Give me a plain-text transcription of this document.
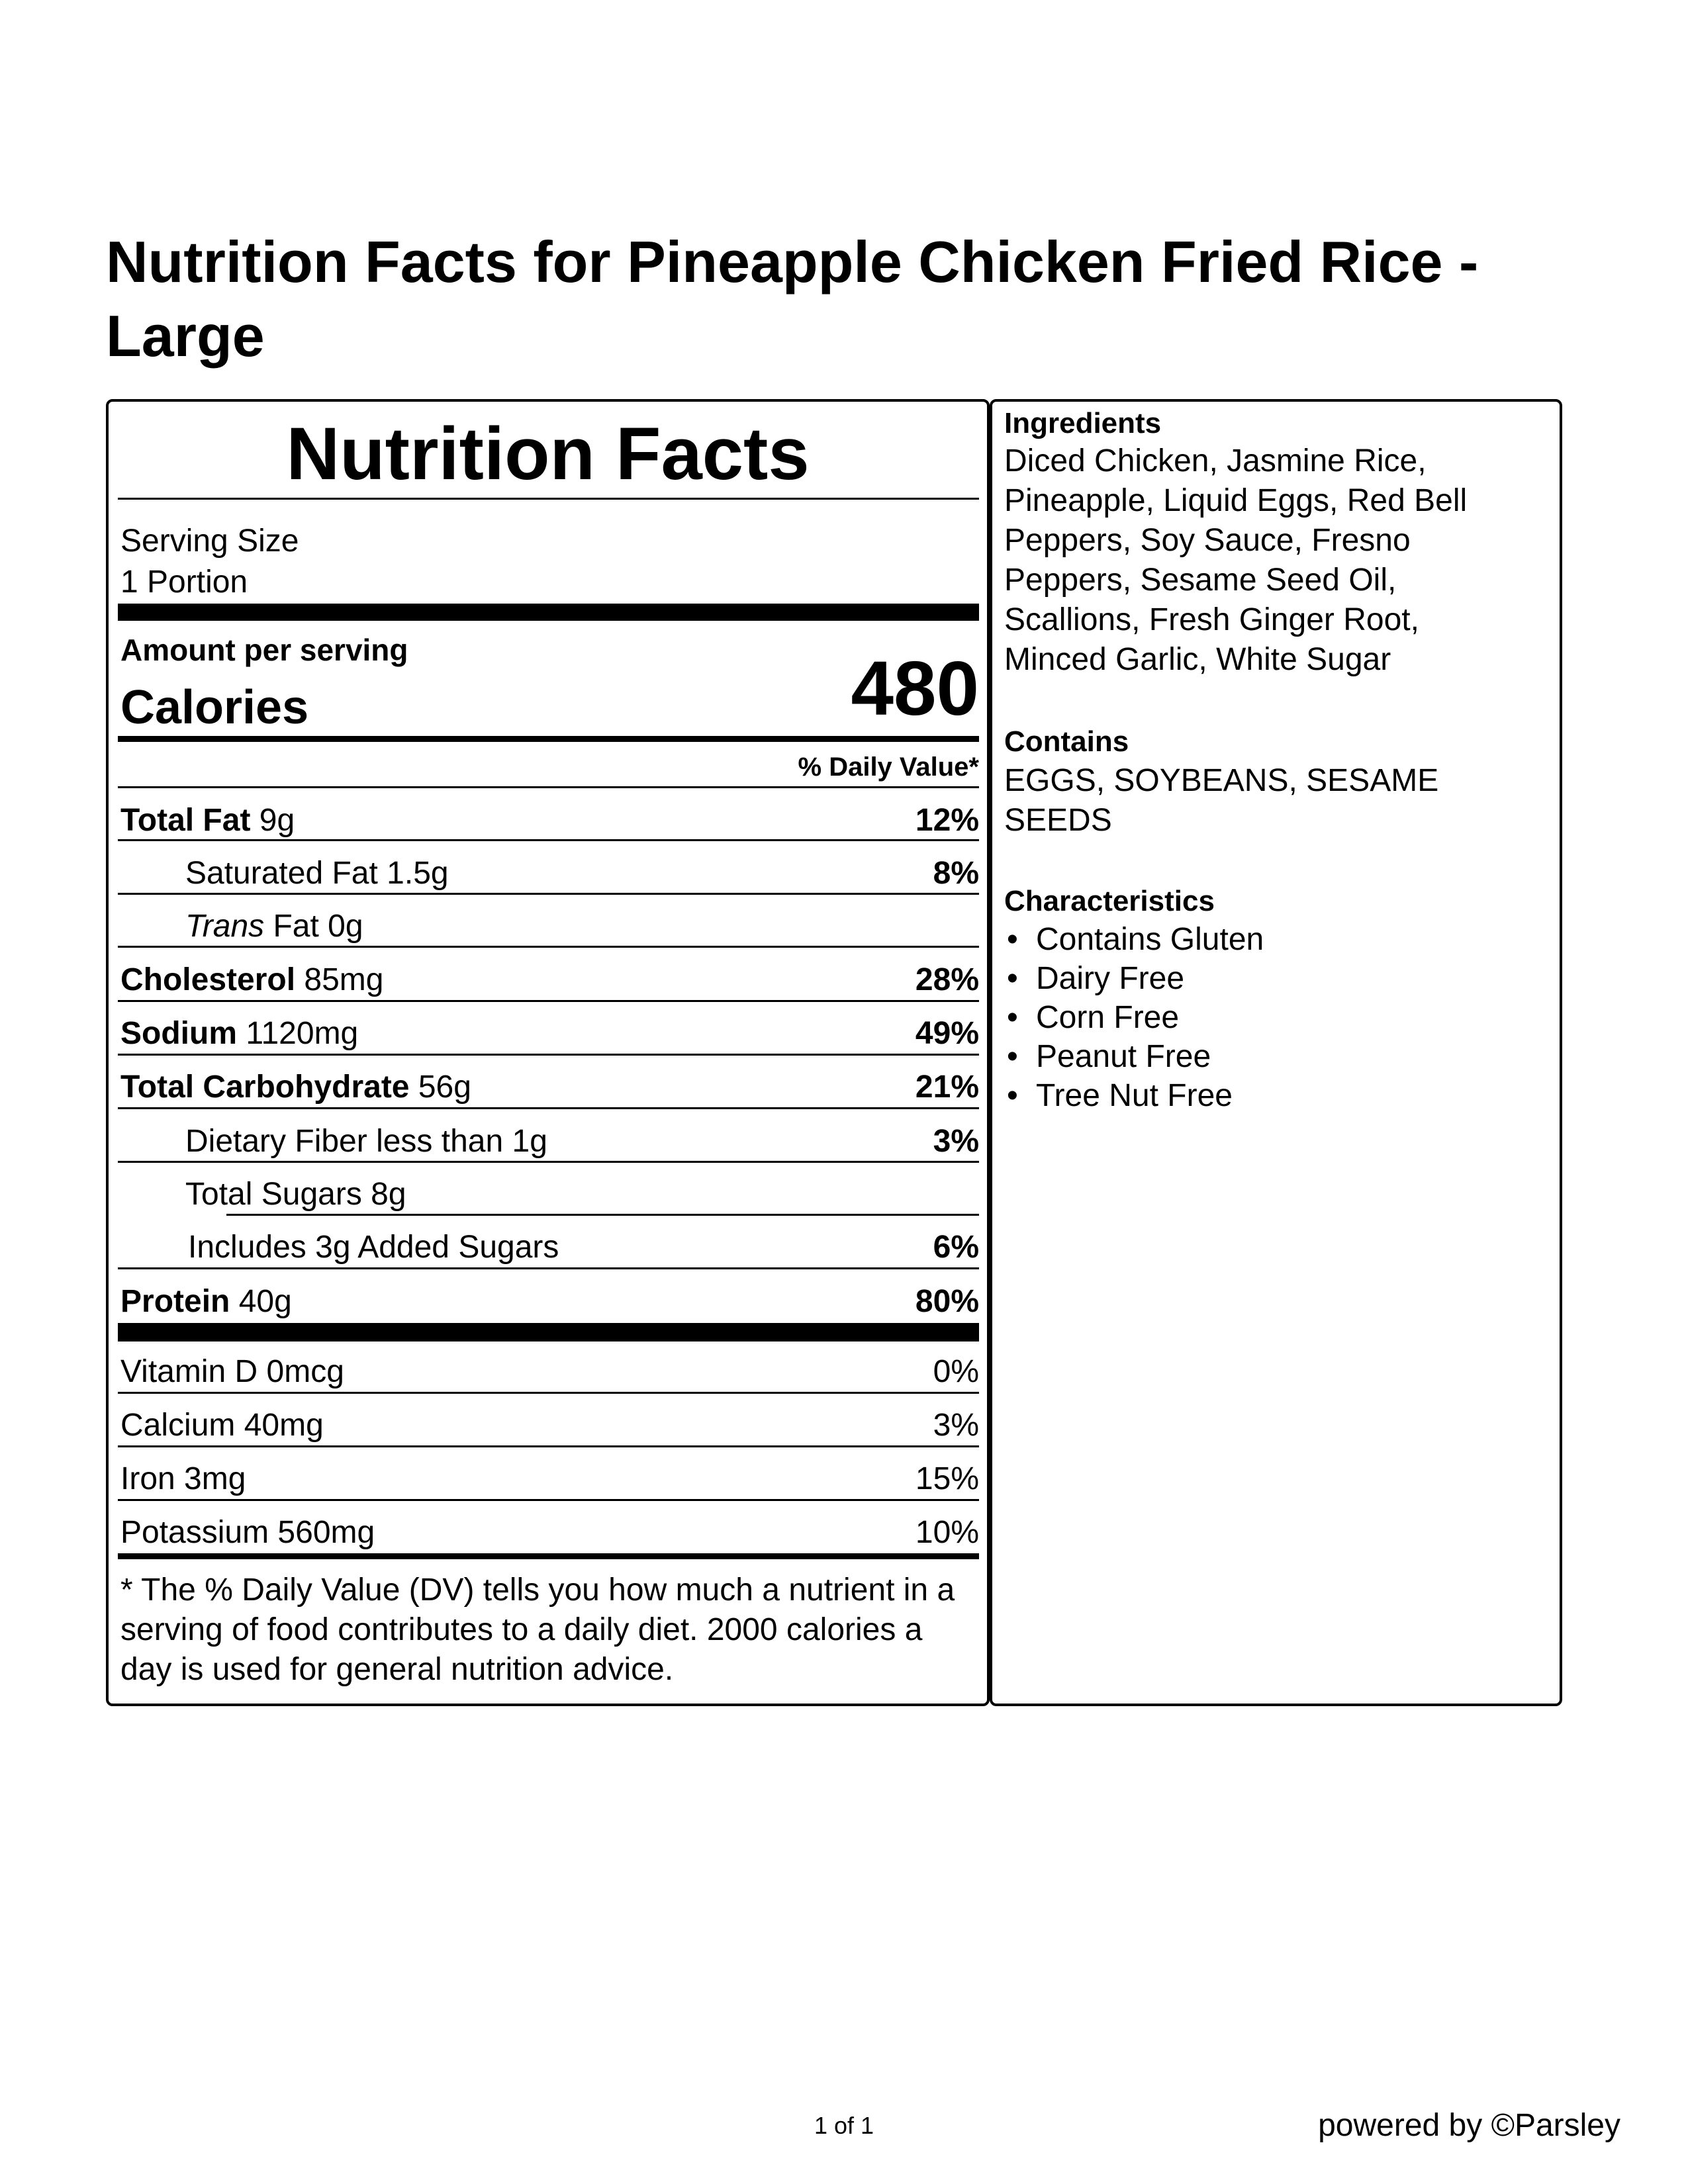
Nutrition Facts for Pineapple Chicken Fried Rice - Large
Nutrition Facts
Serving Size
1 Portion
Amount per serving
Calories	480
% Daily Value*
Total Fat 9g	12%
Saturated Fat 1.5g	8%
Trans Fat 0g
Cholesterol 85mg	28%
Sodium 1120mg	49%
Total Carbohydrate 56g	21%
Dietary Fiber less than 1g	3%
Total Sugars 8g
Includes 3g Added Sugars	6%
Protein 40g	80%
Vitamin D 0mcg	0%
Calcium 40mg	3%
Iron 3mg	15%
Potassium 560mg	10%
* The % Daily Value (DV) tells you how much a nutrient in a serving of food contributes to a daily diet. 2000 calories a day is used for general nutrition advice.
Ingredients
Diced Chicken, Jasmine Rice, Pineapple, Liquid Eggs, Red Bell Peppers, Soy Sauce, Fresno Peppers, Sesame Seed Oil, Scallions, Fresh Ginger Root, Minced Garlic, White Sugar
Contains
EGGS, SOYBEANS, SESAME SEEDS
Characteristics
• Contains Gluten
• Dairy Free
• Corn Free
• Peanut Free
• Tree Nut Free
1 of 1	powered by ©Parsley
